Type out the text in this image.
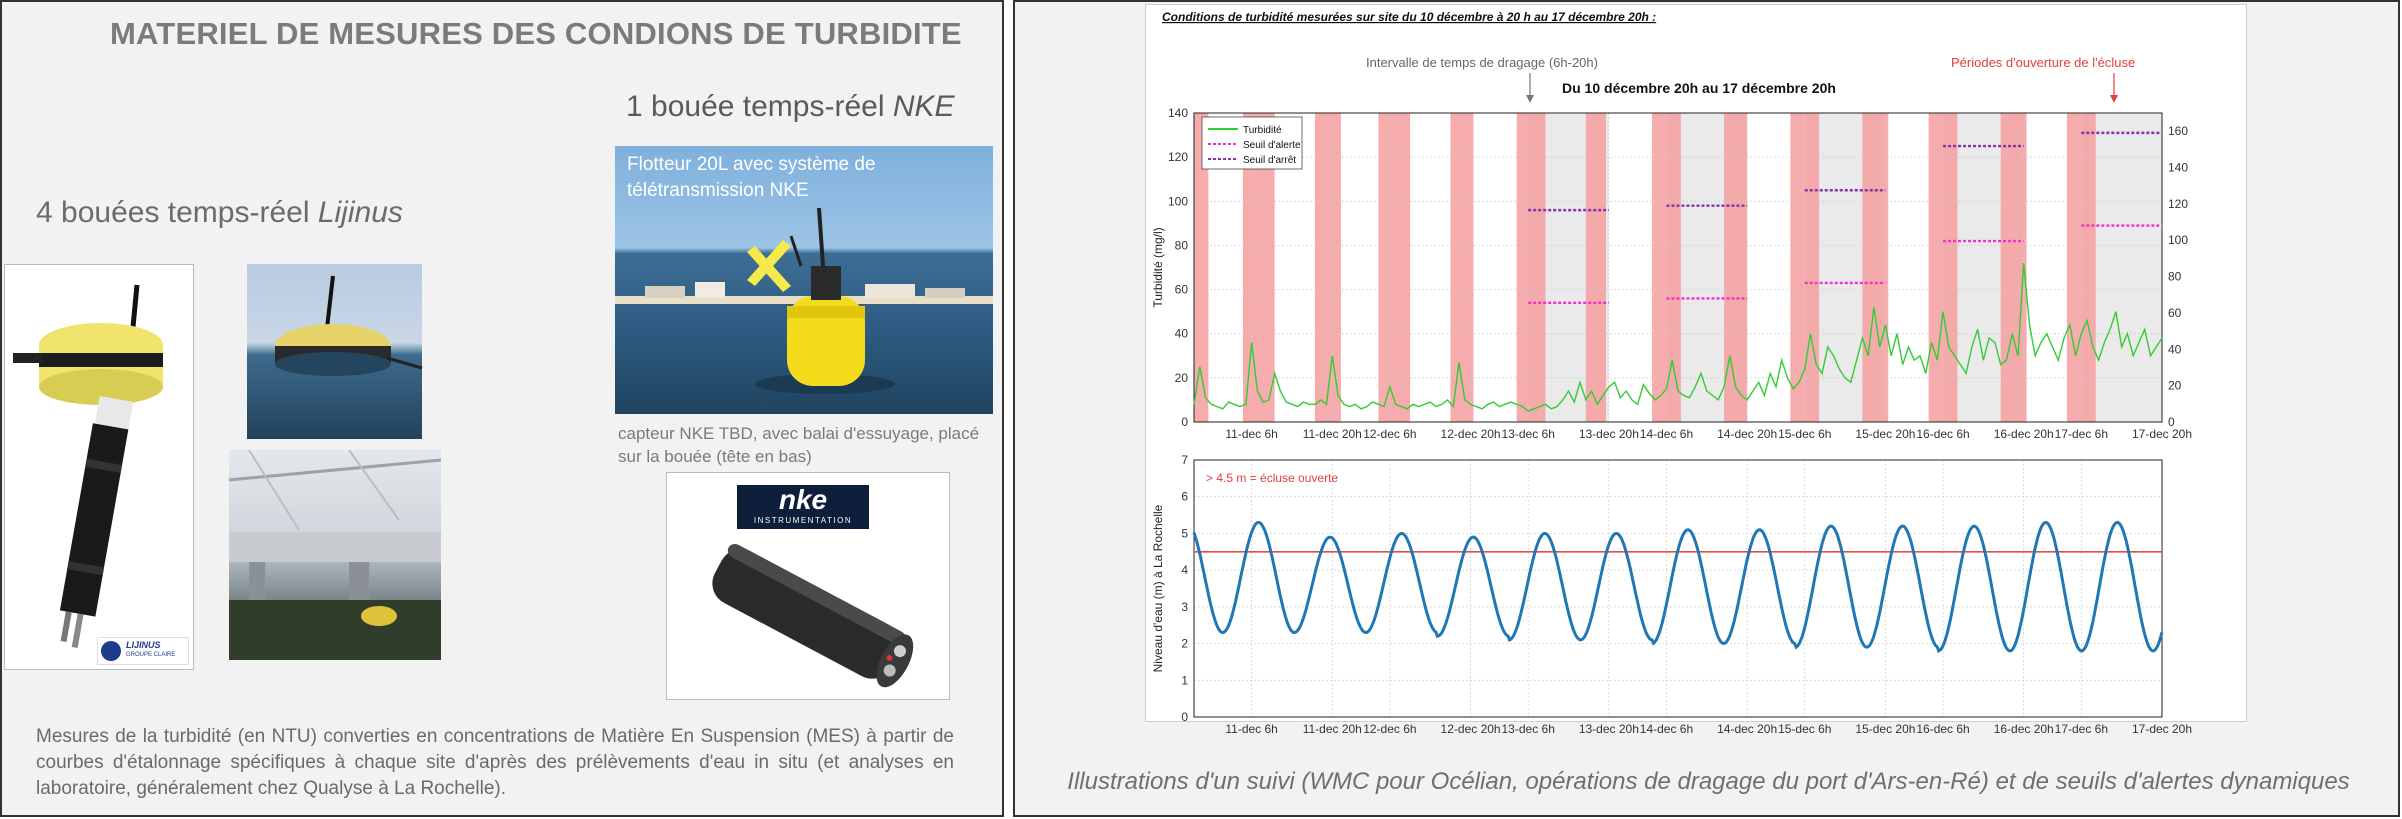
MATERIEL DE MESURES DES CONDIONS DE TURBIDITE
1 bouée temps-réel NKE
4 bouées temps-réel Lijinus
Flotteur 20L avec système de télétransmission NKE
capteur NKE TBD, avec balai d'essuyage, placé sur la bouée (tête en bas)
nke
INSTRUMENTATION
LIJINUS
GROUPE CLAIRE
Mesures de la turbidité (en NTU) converties en concentrations de Matière En Suspension (MES) à partir de courbes d'étalonnage spécifiques à chaque site d'après des prélèvements d'eau in situ (et analyses en laboratoire, généralement chez Qualyse à La Rochelle).
Conditions de turbidité mesurées sur site du 10 décembre à 20 h au 17 décembre 20h :
Intervalle de temps de dragage (6h-20h)
Du 10 décembre 20h au 17 décembre 20h
Périodes d'ouverture de l'écluse
11-dec 6h 11-dec 20h 12-dec 6h 12-dec 20h 13-dec 6h 13-dec 20h 14-dec 6h 14-dec 20h 15-dec 6h 15-dec 20h 16-dec 6h 16-dec 20h 17-dec 6h 17-dec 20h
0
20
40
60
80
100
120
140
0
20
40
60
80
100
120
140
160
Turbidité (mg/l)
Turbidité
Seuil d'alerte
Seuil d'arrêt
11-dec 6h 11-dec 20h 12-dec 6h 12-dec 20h 13-dec 6h 13-dec 20h 14-dec 6h 14-dec 20h 15-dec 6h 15-dec 20h 16-dec 6h 16-dec 20h 17-dec 6h 17-dec 20h
0
1
2
3
4
5
6
7
Niveau d'eau (m) à La Rochelle
> 4.5 m = écluse ouverte
Illustrations d'un suivi (WMC pour Océlian, opérations de dragage du port d'Ars-en-Ré) et de seuils d'alertes dynamiques
